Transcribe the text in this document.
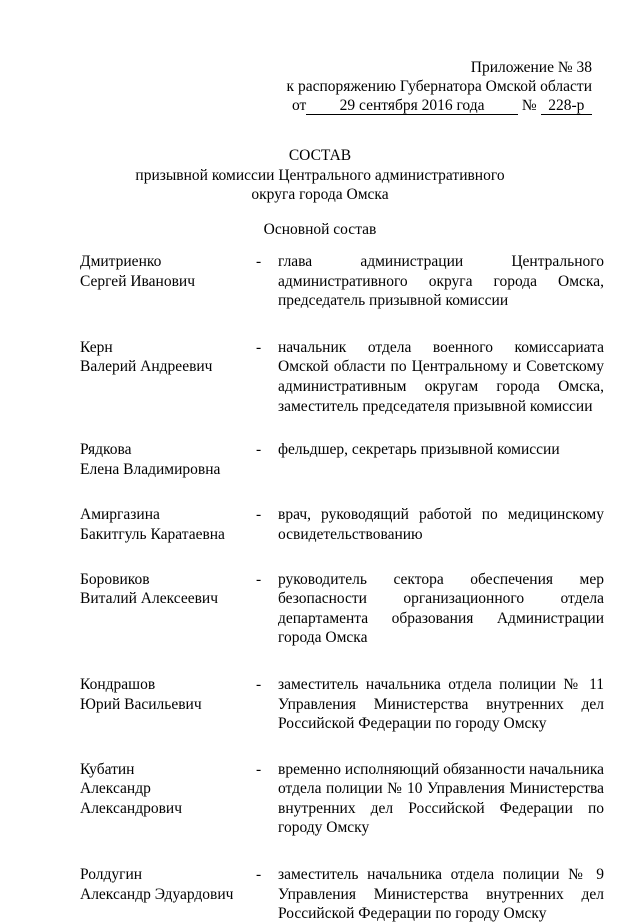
Приложение № 38
к распоряжению Губернатора Омской области
от	29 сентября 2016 года	№ 228-р
СОСТАВ
призывной комиссии Центрального административного
округа города Омска
Основной состав
Дмитриенко
Сергей Иванович
-	глава администрации Центрального административного округа города Омска, председатель призывной комиссии
Керн
Валерий Андреевич
-	начальник отдела военного комиссариата Омской области по Центральному и Советскому административным округам города Омска, заместитель председателя призывной комиссии
Рядкова
Елена Владимировна
-	фельдшер, секретарь призывной комиссии
Амиргазина
Бакитгуль Каратаевна
-	врач, руководящий работой по медицинскому освидетельствованию
Боровиков
Виталий Алексеевич
-	руководитель сектора обеспечения мер безопасности организационного отдела департамента образования Администрации города Омска
Кондрашов
Юрий Васильевич
-	заместитель начальника отдела полиции № 11 Управления Министерства внутренних дел Российской Федерации по городу Омску
Кубатин
Александр Александрович
-	временно исполняющий обязанности начальника отдела полиции № 10 Управления Министерства внутренних дел Российской Федерации по городу Омску
Ролдугин
Александр Эдуардович
-	заместитель начальника отдела полиции № 9 Управления Министерства внутренних дел Российской Федерации по городу Омску
